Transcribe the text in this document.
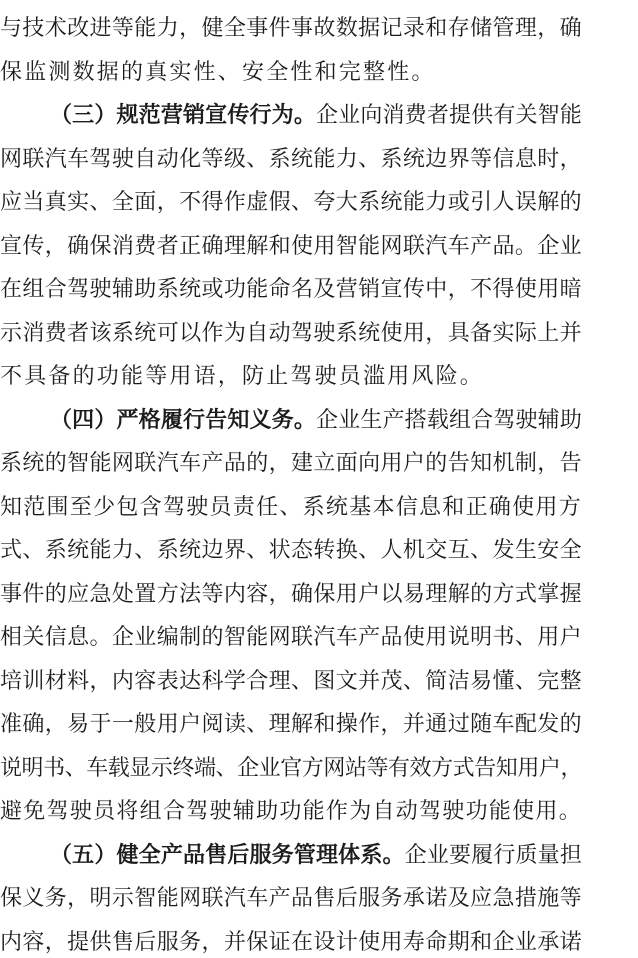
与技术改进等能力，健全事件事故数据记录和存储管理，确
保监测数据的真实性、安全性和完整性。
（三）规范营销宣传行为。企业向消费者提供有关智能
网联汽车驾驶自动化等级、系统能力、系统边界等信息时，
应当真实、全面，不得作虚假、夸大系统能力或引人误解的
宣传，确保消费者正确理解和使用智能网联汽车产品。企业
在组合驾驶辅助系统或功能命名及营销宣传中，不得使用暗
示消费者该系统可以作为自动驾驶系统使用，具备实际上并
不具备的功能等用语，防止驾驶员滥用风险。
（四）严格履行告知义务。企业生产搭载组合驾驶辅助
系统的智能网联汽车产品的，建立面向用户的告知机制，告
知范围至少包含驾驶员责任、系统基本信息和正确使用方
式、系统能力、系统边界、状态转换、人机交互、发生安全
事件的应急处置方法等内容，确保用户以易理解的方式掌握
相关信息。企业编制的智能网联汽车产品使用说明书、用户
培训材料，内容表达科学合理、图文并茂、简洁易懂、完整
准确，易于一般用户阅读、理解和操作，并通过随车配发的
说明书、车载显示终端、企业官方网站等有效方式告知用户，
避免驾驶员将组合驾驶辅助功能作为自动驾驶功能使用。
（五）健全产品售后服务管理体系。企业要履行质量担
保义务，明示智能网联汽车产品售后服务承诺及应急措施等
内容，提供售后服务，并保证在设计使用寿命期和企业承诺
